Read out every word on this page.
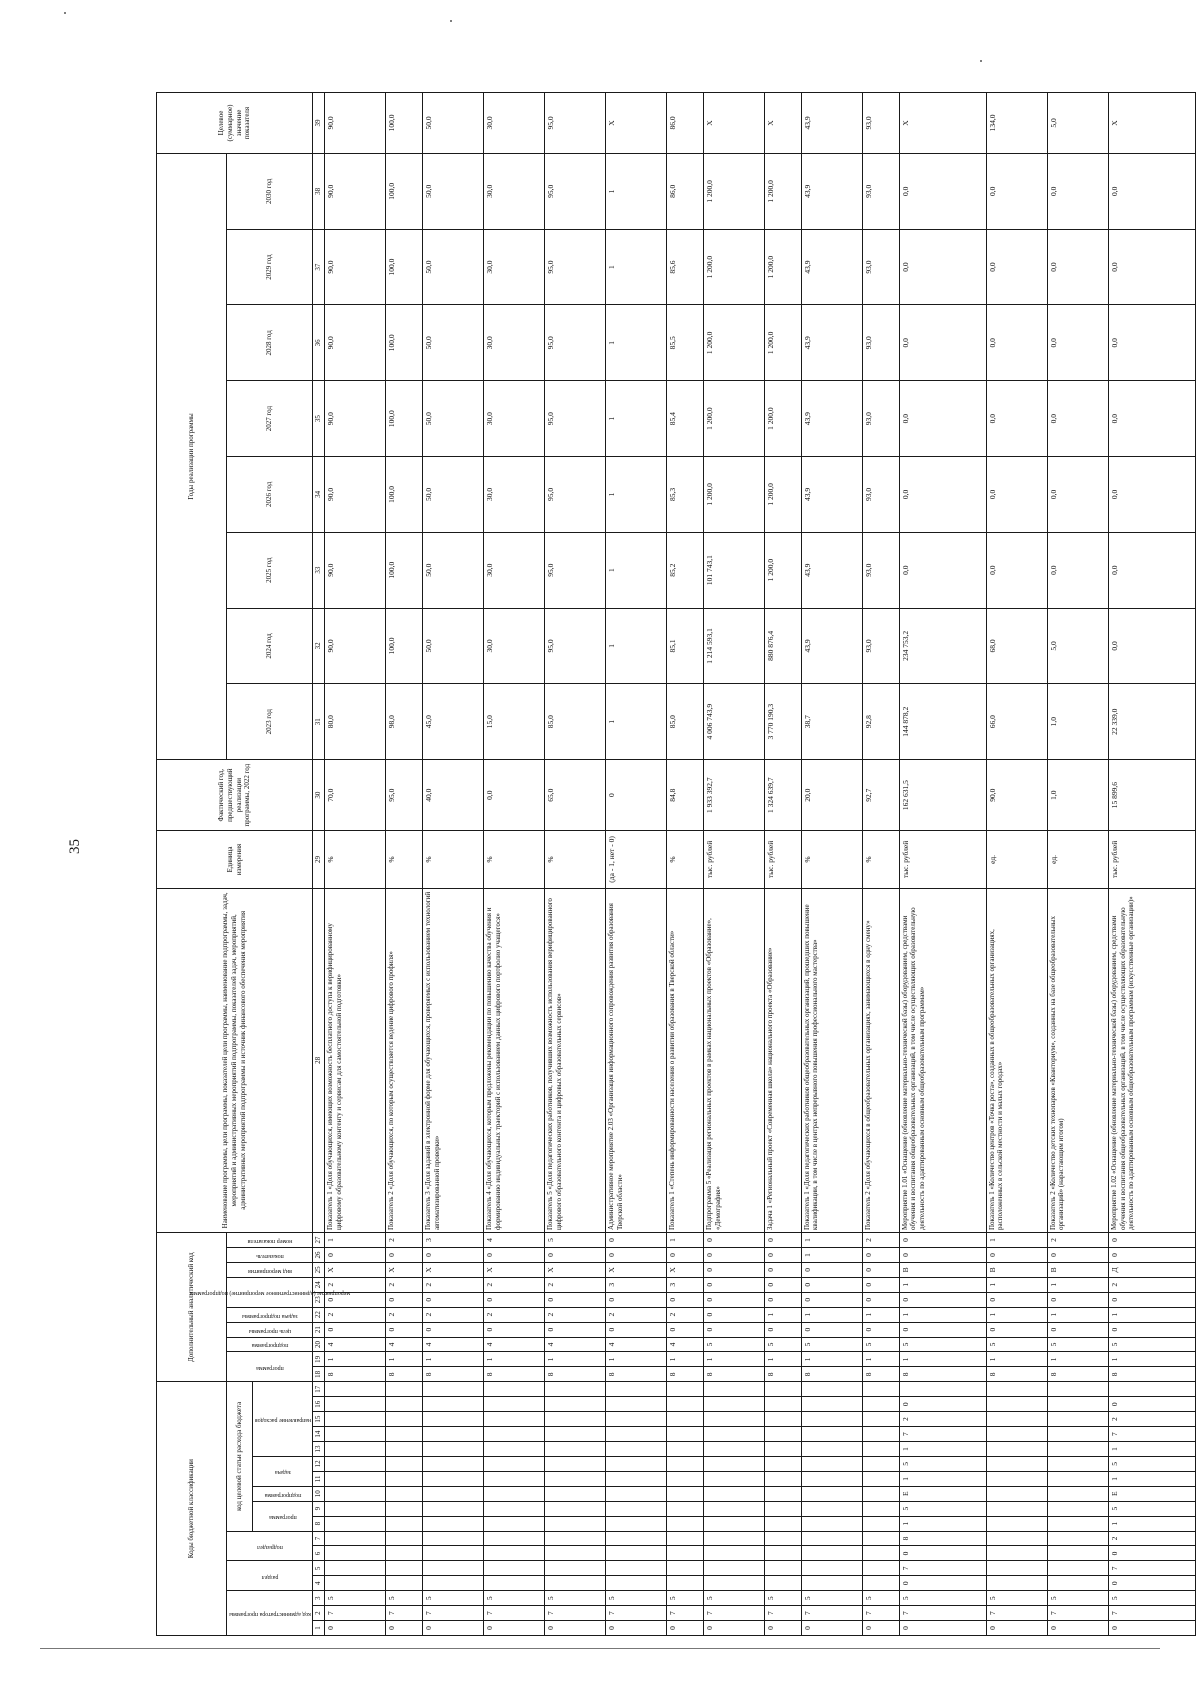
35
Коды бюджетной классификации																	Дополнительный аналитический код										Наименование программы, цели программы, показателей цели программы, наименование подпрограммы, задач, мероприятий и административных мероприятий подпрограммы, показателей задач, мероприятий, административных мероприятий подпрограммы и источник финансового обеспечения мероприятия	Единица измерения	Фактический год, предшествующий реализации программы, 2022 год	Годы реализации программы								Целевое (суммарное) значение показателя

код администратора программы			раздел		подраздел		код целевой статьи расхода бюджета										программа		подпрограмма	цель программы	задача подпрограммы	мероприятие (административное мероприятие) подпрограммы		вид мероприятия	показатель	номер показателя				2023 год	2024 год	2025 год	2026 год	2027 год	2028 год	2029 год	2030 год	

							программа		подпрограмма	задача		направление расходов																										

1	2	3	4	5	6	7	8	9	10	11	12	13	14	15	16	17	18	19	20	21	22	23	24	25	26	27	28	29	30	31	32	33	34	35	36	37	38	39
0	7	5															8	1	4	0	2	0	2	Х	0	1	Показатель 1 «Доля обучающихся, имеющих возможность бесплатного доступа к верифицированному цифровому образовательному контенту и сервисам для самостоятельной подготовки»	%	70,0	80,0	90,0	90,0	90,0	90,0	90,0	90,0	90,0	90,0
0	7	5															8	1	4	0	2	0	2	Х	0	2	Показатель 2 «Доля обучающихся, по которым осуществляется ведение цифрового профиля»	%	95,0	98,0	100,0	100,0	100,0	100,0	100,0	100,0	100,0	100,0
0	7	5															8	1	4	0	2	0	2	Х	0	3	Показатель 3 «Доля заданий в электронной форме для обучающихся, проверяемых с использованием технологий автоматизированной проверки»	%	40,0	45,0	50,0	50,0	50,0	50,0	50,0	50,0	50,0	50,0
0	7	5															8	1	4	0	2	0	2	Х	0	4	Показатель 4 «Доля обучающихся, которым предложены рекомендации по повышению качества обучения и формированию индивидуальных траекторий с использованием данных цифрового портфолио учащегося»	%	0,0	15,0	30,0	30,0	30,0	30,0	30,0	30,0	30,0	30,0
0	7	5															8	1	4	0	2	0	2	Х	0	5	Показатель 5 «Доля педагогических работников, получивших возможность использования верифицированного цифрового образовательного контента и цифровых образовательных сервисов»	%	65,0	85,0	95,0	95,0	95,0	95,0	95,0	95,0	95,0	95,0
0	7	5															8	1	4	0	2	0	3	Х	0	0	Административное мероприятие 2.03 «Организация информационного сопровождения развития образования Тверской области»	(да - 1, нет - 0)	0	1	1	1	1	1	1	1	1	Х
0	7	5															8	1	4	0	2	0	3	Х	0	1	Показатель 1 «Степень информированности населения о развитии образования в Тверской области»	%	84,8	85,0	85,1	85,2	85,3	85,4	85,5	85,6	86,0	86,0
0	7	5															8	1	5	0	0	0	0	0	0	0	Подпрограмма 5 «Реализация региональных проектов в рамках национальных проектов «Образование», «Демография»	тыс. рублей	1 933 392,7	4 006 743,9	1 214 593,1	101 743,1	1 200,0	1 200,0	1 200,0	1 200,0	1 200,0	Х
0	7	5															8	1	5	0	1	0	0	0	0	0	Задача 1 «Региональный проект «Современная школа» национального проекта «Образование»	тыс. рублей	1 324 639,7	3 770 190,3	880 876,4	1 200,0	1 200,0	1 200,0	1 200,0	1 200,0	1 200,0	Х
0	7	5															8	1	5	0	1	0	0	0	1	1	Показатель 1 «Доля педагогических работников общеобразовательных организаций, прошедших повышение квалификации, в том числе в центрах непрерывного повышения профессионального мастерства»	%	20,0	38,7	43,9	43,9	43,9	43,9	43,9	43,9	43,9	43,9
0	7	5															8	1	5	0	1	0	0	0	0	2	Показатель 2 «Доля обучающихся в общеобразовательных организациях, занимающихся в одну смену»	%	92,7	92,8	93,0	93,0	93,0	93,0	93,0	93,0	93,0	93,0
0	7	5	0	7	0	8	1	5	Е	1	5	1	7	2	0		8	1	5	0	1	0	1	В	0	0	Мероприятие 1.01 «Оснащение (обновление материально-технической базы) оборудованием, средствами обучения и воспитания общеобразовательных организаций, в том числе осуществляющих образовательную деятельность по адаптированным основным общеобразовательным программам»	тыс. рублей	162 631,5	144 878,2	234 753,2	0,0	0,0	0,0	0,0	0,0	0,0	Х
0	7	5															8	1	5	0	1	0	1	В	0	1	Показатель 1 «Количество центров «Точка роста», созданных в общеобразовательных организациях, расположенных в сельской местности и малых городах»	ед.	90,0	66,0	68,0	0,0	0,0	0,0	0,0	0,0	0,0	134,0
0	7	5															8	1	5	0	1	0	1	В	0	2	Показатель 2 «Количество детских технопарков «Кванториум», созданных на базе общеобразовательных организаций» (нарастающим итогом)	ед.	1,0	1,0	5,0	0,0	0,0	0,0	0,0	0,0	0,0	5,0
0	7	5	0	7	0	2	1	5	Е	1	5	1	7	2	0		8	1	5	0	1	0	2	Д	0	0	Мероприятие 1.02 «Оснащение (обновление материально-технической базы) оборудованием, средствами обучения и воспитания общеобразовательных организаций, в том числе осуществляющих образовательную деятельность по адаптированным основным общеобразовательным программам (искусственные организации)»	тыс. рублей	15 899,6	22 339,0	0,0	0,0	0,0	0,0	0,0	0,0	0,0	Х
